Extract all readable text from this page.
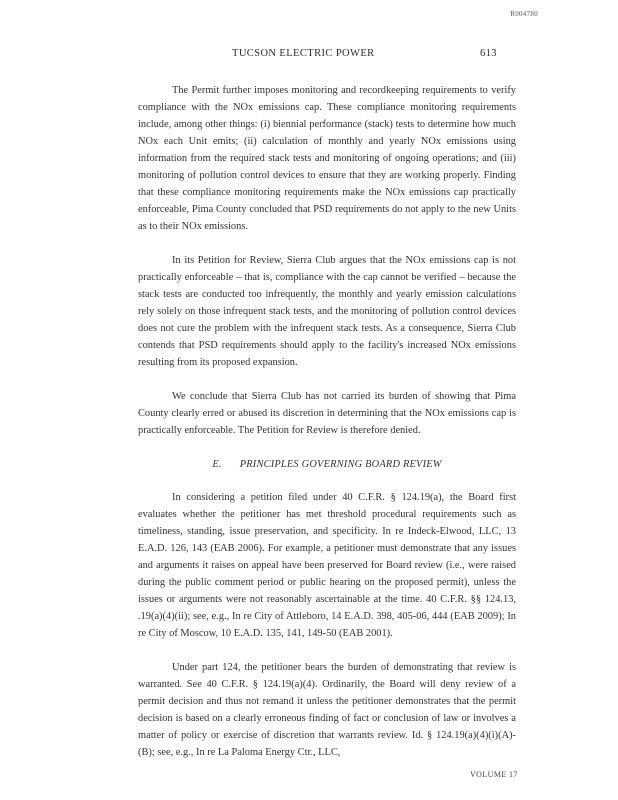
R004780
TUCSON ELECTRIC POWER	613

The Permit further imposes monitoring and recordkeeping requirements to verify compliance with the NOx emissions cap. These compliance monitoring requirements include, among other things: (i) biennial performance (stack) tests to determine how much NOx each Unit emits; (ii) calculation of monthly and yearly NOx emissions using information from the required stack tests and monitoring of ongoing operations; and (iii) monitoring of pollution control devices to ensure that they are working properly. Finding that these compliance monitoring requirements make the NOx emissions cap practically enforceable, Pima County concluded that PSD requirements do not apply to the new Units as to their NOx emissions.

In its Petition for Review, Sierra Club argues that the NOx emissions cap is not practically enforceable – that is, compliance with the cap cannot be verified – because the stack tests are conducted too infrequently, the monthly and yearly emission calculations rely solely on those infrequent stack tests, and the monitoring of pollution control devices does not cure the problem with the infrequent stack tests. As a consequence, Sierra Club contends that PSD requirements should apply to the facility's increased NOx emissions resulting from its proposed expansion.

We conclude that Sierra Club has not carried its burden of showing that Pima County clearly erred or abused its discretion in determining that the NOx emissions cap is practically enforceable. The Petition for Review is therefore denied.

E. PRINCIPLES GOVERNING BOARD REVIEW

In considering a petition filed under 40 C.F.R. § 124.19(a), the Board first evaluates whether the petitioner has met threshold procedural requirements such as timeliness, standing, issue preservation, and specificity. In re Indeck-Elwood, LLC, 13 E.A.D. 126, 143 (EAB 2006). For example, a petitioner must demonstrate that any issues and arguments it raises on appeal have been preserved for Board review (i.e., were raised during the public comment period or public hearing on the proposed permit), unless the issues or arguments were not reasonably ascertainable at the time. 40 C.F.R. §§ 124.13, .19(a)(4)(ii); see, e.g., In re City of Attleboro, 14 E.A.D. 398, 405-06, 444 (EAB 2009); In re City of Moscow, 10 E.A.D. 135, 141, 149-50 (EAB 2001).

Under part 124, the petitioner bears the burden of demonstrating that review is warranted. See 40 C.F.R. § 124.19(a)(4). Ordinarily, the Board will deny review of a permit decision and thus not remand it unless the petitioner demonstrates that the permit decision is based on a clearly erroneous finding of fact or conclusion of law or involves a matter of policy or exercise of discretion that warrants review. Id. § 124.19(a)(4)(i)(A)-(B); see, e.g., In re La Paloma Energy Ctr., LLC,

VOLUME 17
